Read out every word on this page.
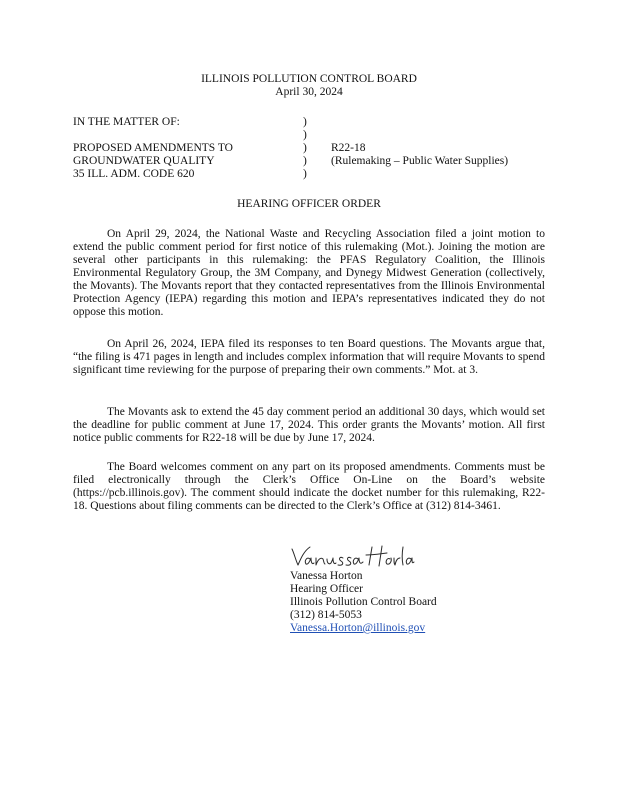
ILLINOIS POLLUTION CONTROL BOARD
April 30, 2024
IN THE MATTER OF:
PROPOSED AMENDMENTS TO
GROUNDWATER QUALITY
35 ILL. ADM. CODE 620
)
)
)
)
)
R22-18
(Rulemaking – Public Water Supplies)
HEARING OFFICER ORDER
On April 29, 2024, the National Waste and Recycling Association filed a joint motion to extend the public comment period for first notice of this rulemaking (Mot.). Joining the motion are several other participants in this rulemaking: the PFAS Regulatory Coalition, the Illinois Environmental Regulatory Group, the 3M Company, and Dynegy Midwest Generation (collectively, the Movants). The Movants report that they contacted representatives from the Illinois Environmental Protection Agency (IEPA) regarding this motion and IEPA’s representatives indicated they do not oppose this motion.
On April 26, 2024, IEPA filed its responses to ten Board questions. The Movants argue that, “the filing is 471 pages in length and includes complex information that will require Movants to spend significant time reviewing for the purpose of preparing their own comments.” Mot. at 3.
The Movants ask to extend the 45 day comment period an additional 30 days, which would set the deadline for public comment at June 17, 2024. This order grants the Movants’ motion. All first notice public comments for R22-18 will be due by June 17, 2024.
The Board welcomes comment on any part on its proposed amendments. Comments must be filed electronically through the Clerk’s Office On-Line on the Board’s website (https://pcb.illinois.gov). The comment should indicate the docket number for this rulemaking, R22-18. Questions about filing comments can be directed to the Clerk’s Office at (312) 814-3461.
Vanessa Horton
Hearing Officer
Illinois Pollution Control Board
(312) 814-5053
Vanessa.Horton@illinois.gov
